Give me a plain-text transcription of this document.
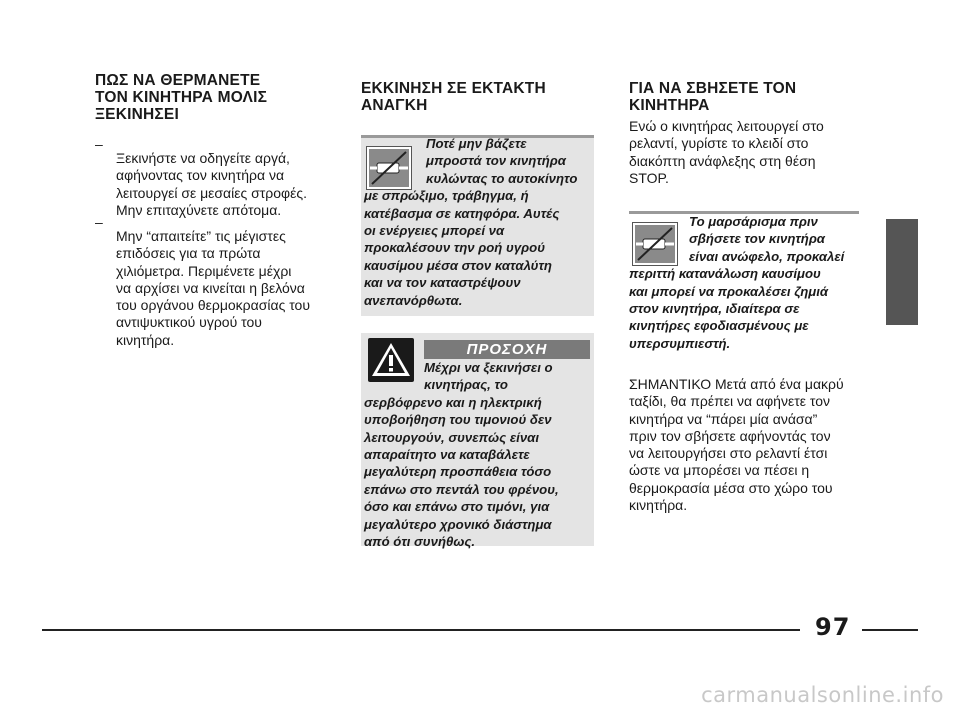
ΠΩΣ ΝΑ ΘΕΡΜΑΝΕΤΕ
ΤΟΝ ΚΙΝΗΤΗΡΑ ΜΟΛΙΣ
ΞΕΚΙΝΗΣΕΙ

–

Ξεκινήστε να οδηγείτε αργά,
αφήνοντας τον κινητήρα να
λειτουργεί σε μεσαίες στροφές.
Μην επιταχύνετε απότομα.

–

Μην “απαιτείτε” τις μέγιστες
επιδόσεις για τα πρώτα
χιλιόμετρα. Περιμένετε μέχρι
να αρχίσει να κινείται η βελόνα
του οργάνου θερμοκρασίας του
αντιψυκτικού υγρού του
κινητήρα.

ΕΚΚΙΝΗΣΗ ΣΕ ΕΚΤΑΚΤΗ
ΑΝΑΓΚΗ

Ποτέ μην βάζετε
μπροστά τον κινητήρα
κυλώντας το αυτοκίνητο
με σπρώξιμο, τράβηγμα, ή
κατέβασμα σε κατηφόρα. Αυτές
οι ενέργειες μπορεί να
προκαλέσουν την ροή υγρού
καυσίμου μέσα στον καταλύτη
και να τον καταστρέψουν
ανεπανόρθωτα.

ΠΡΟΣΟΧΗ

Μέχρι να ξεκινήσει ο
κινητήρας, το
σερβόφρενο και η ηλεκτρική
υποβοήθηση του τιμονιού δεν
λειτουργούν, συνεπώς είναι
απαραίτητο να καταβάλετε
μεγαλύτερη προσπάθεια τόσο
επάνω στο πεντάλ του φρένου,
όσο και επάνω στο τιμόνι, για
μεγαλύτερο χρονικό διάστημα
από ότι συνήθως.

ΓΙΑ ΝΑ ΣΒΗΣΕΤΕ ΤΟΝ
ΚΙΝΗΤΗΡΑ

Ενώ ο κινητήρας λειτουργεί στο
ρελαντί, γυρίστε το κλειδί στο
διακόπτη ανάφλεξης στη θέση
STOP.

Το μαρσάρισμα πριν
σβήσετε τον κινητήρα
είναι ανώφελο, προκαλεί
περιττή κατανάλωση καυσίμου
και μπορεί να προκαλέσει ζημιά
στον κινητήρα, ιδιαίτερα σε
κινητήρες εφοδιασμένους με
υπερσυμπιεστή.

ΣΗΜΑΝΤΙΚΟ Μετά από ένα μακρύ
ταξίδι, θα πρέπει να αφήνετε τον
κινητήρα να “πάρει μία ανάσα”
πριν τον σβήσετε αφήνοντάς τον
να λειτουργήσει στο ρελαντί έτσι
ώστε να μπορέσει να πέσει η
θερμοκρασία μέσα στο χώρο του
κινητήρα.

97
carmanualsonline.info
